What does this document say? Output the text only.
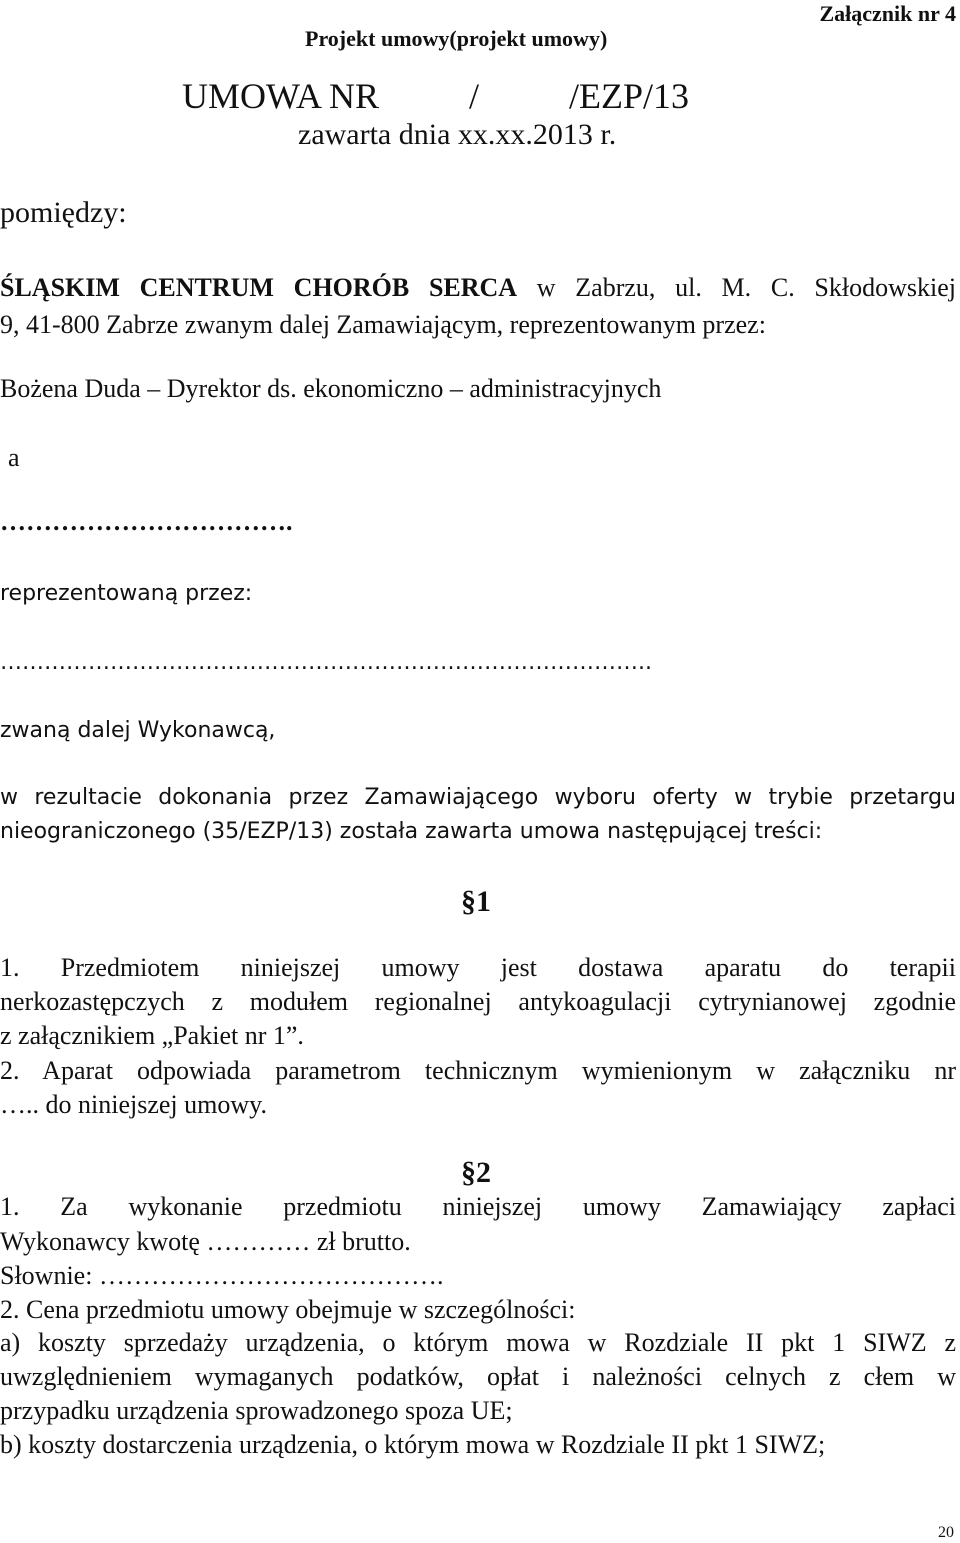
Projekt umowy(projekt umowy)
Załącznik nr 4
UMOWA NR          /          /EZP/13
zawarta dnia xx.xx.2013 r.
pomiędzy:
ŚLĄSKIM CENTRUM CHORÓB SERCA w Zabrzu, ul. M. C. Skłodowskiej
9, 41-800 Zabrze zwanym dalej Zamawiającym, reprezentowanym przez:
Bożena Duda – Dyrektor ds. ekonomiczno – administracyjnych
a
…………………………….
reprezentowaną przez:
……………………………………………………………………………..
zwaną dalej Wykonawcą,
w rezultacie dokonania przez Zamawiającego wyboru oferty w trybie przetargu
nieograniczonego (35/EZP/13) została zawarta umowa następującej treści:
§1
1. Przedmiotem niniejszej umowy jest dostawa aparatu do terapii
nerkozastępczych z modułem regionalnej antykoagulacji cytrynianowej zgodnie
z załącznikiem „Pakiet nr 1”.
2. Aparat odpowiada parametrom technicznym wymienionym w załączniku nr
….. do niniejszej umowy.
§2
1. Za wykonanie przedmiotu niniejszej umowy Zamawiający zapłaci
Wykonawcy kwotę ………… zł brutto.
Słownie: ………………………………….
2. Cena przedmiotu umowy obejmuje w szczególności:
a) koszty sprzedaży urządzenia, o którym mowa w Rozdziale II pkt 1 SIWZ z
uwzględnieniem wymaganych podatków, opłat i należności celnych z cłem w
przypadku urządzenia sprowadzonego spoza UE;
b) koszty dostarczenia urządzenia, o którym mowa w Rozdziale II pkt 1 SIWZ;
20
